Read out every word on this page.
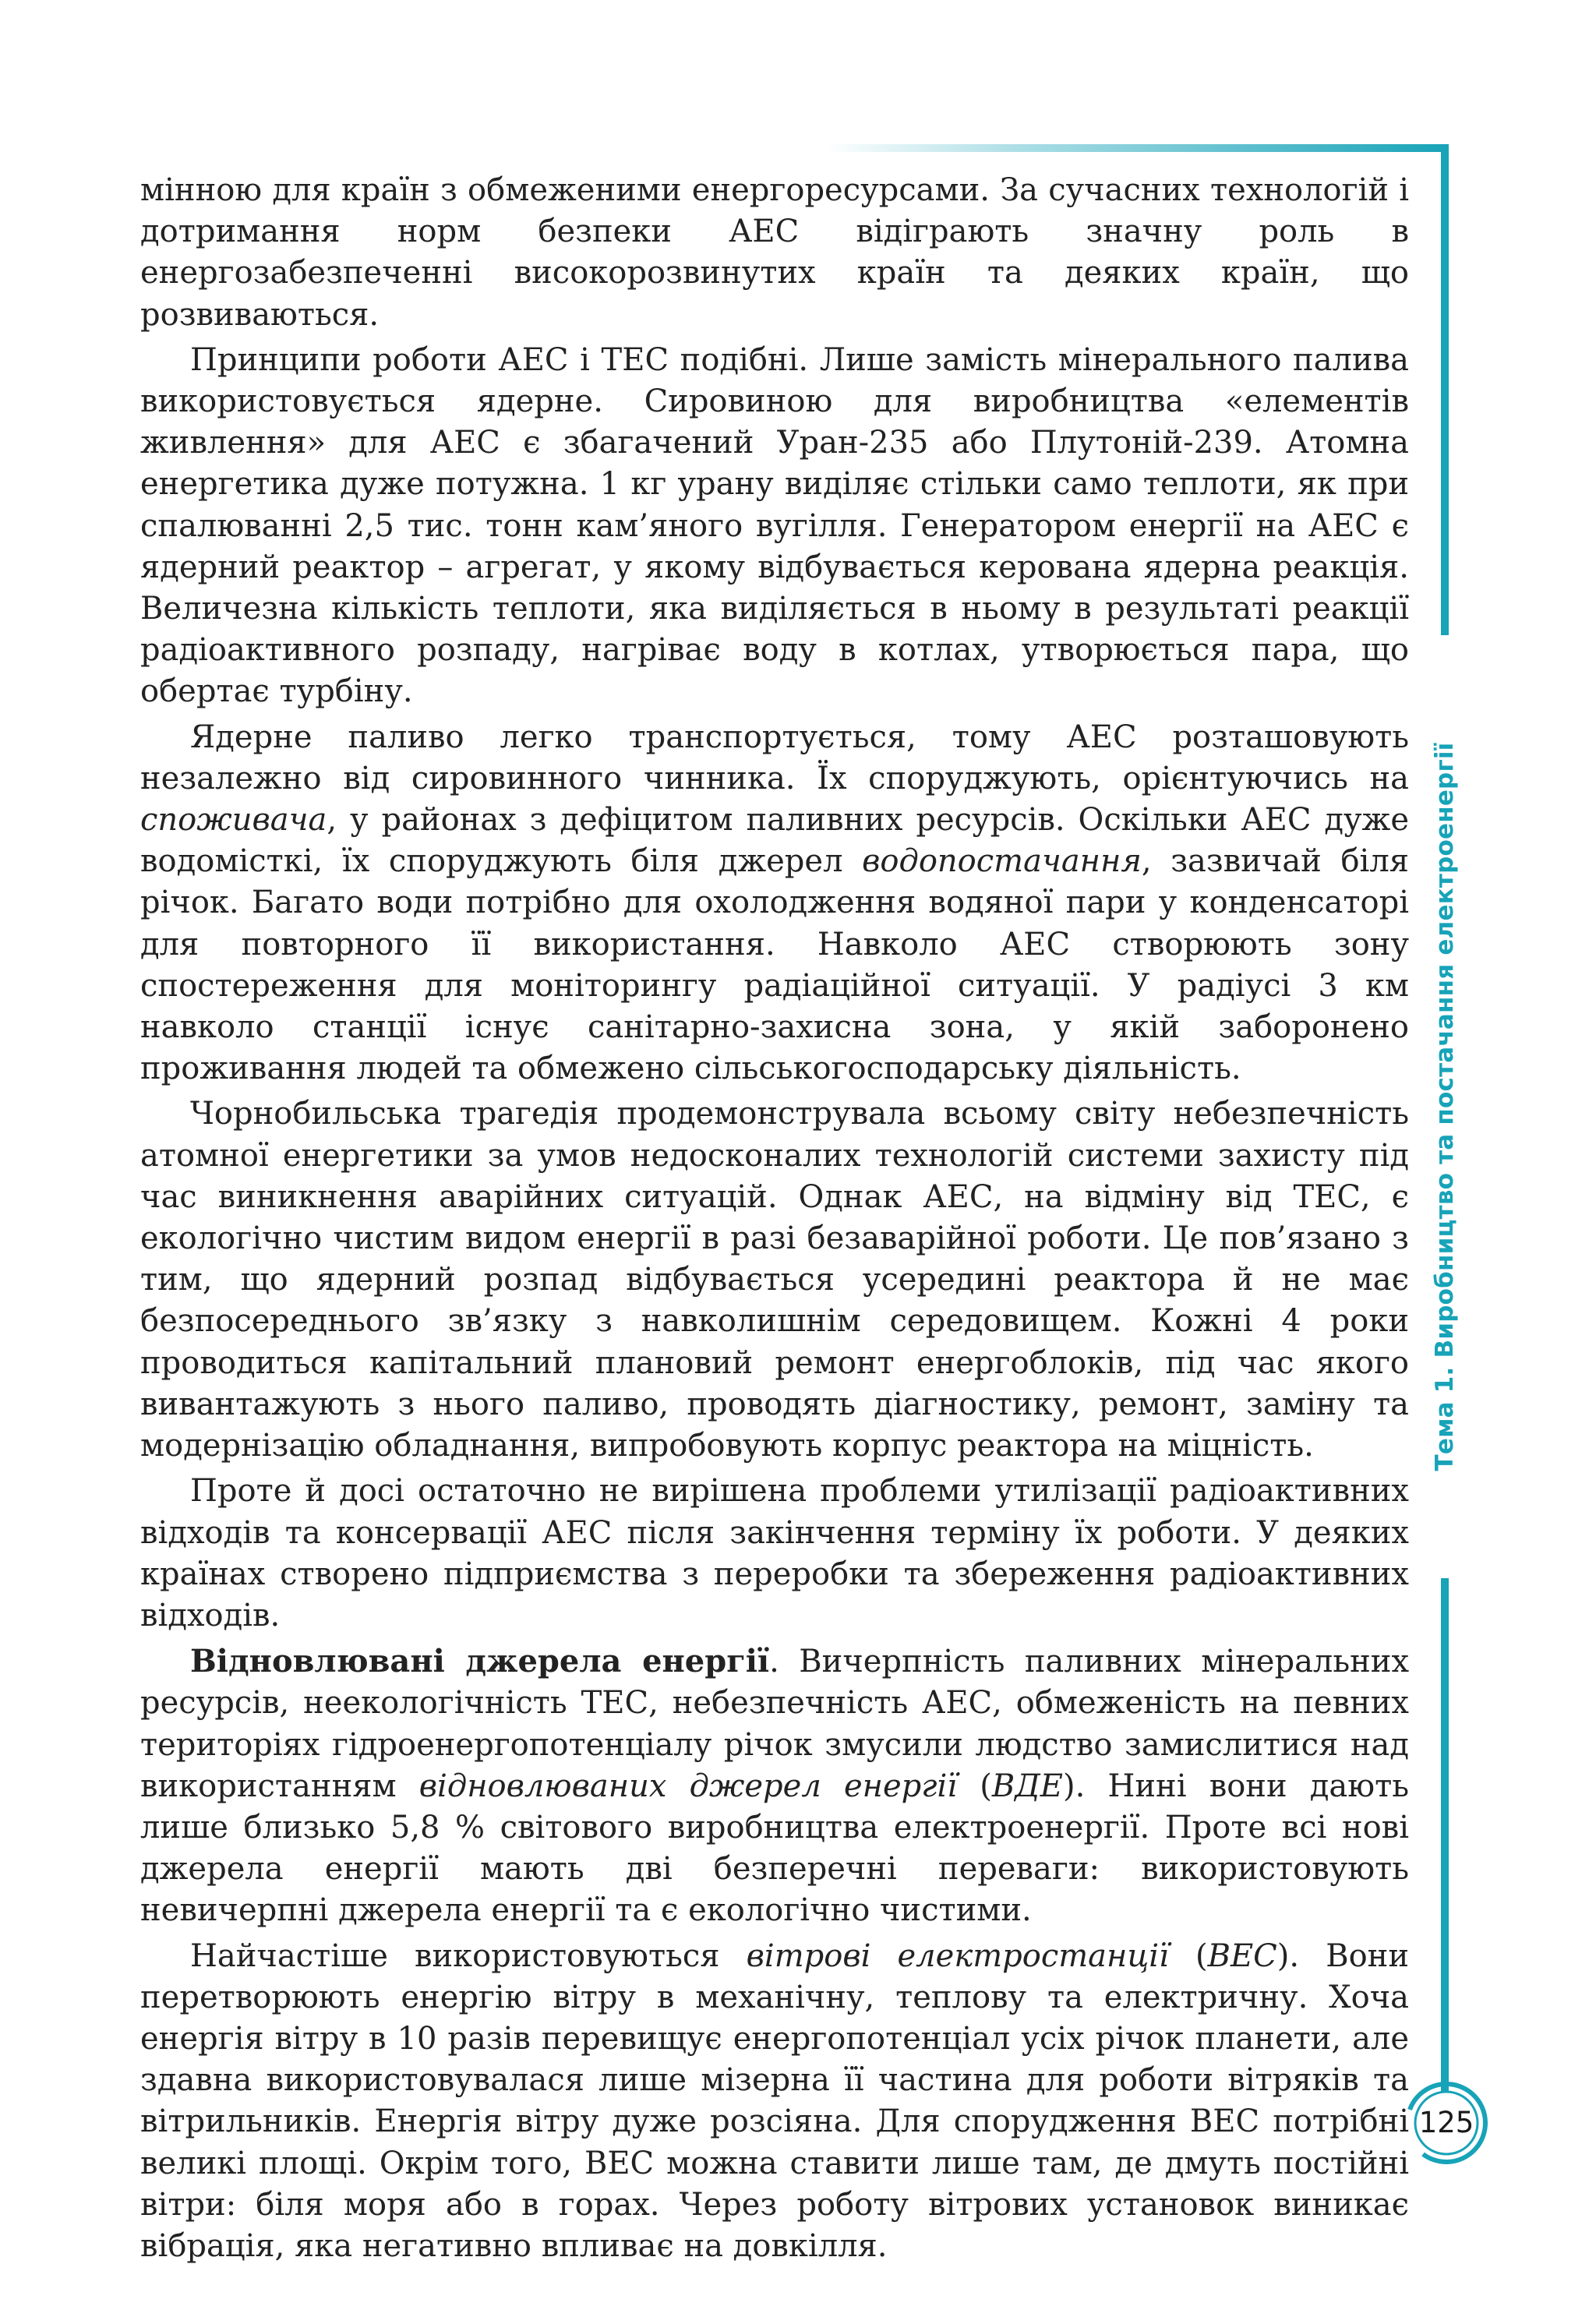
Тема 1. Виробництво та постачання електроенергії
125

мінною для країн з обмеженими енергоресурсами. За сучасних технологій і дотримання норм безпеки АЕС відіграють значну роль в енергозабезпеченні високорозвинутих країн та деяких країн, що розвиваються.

Принципи роботи АЕС і ТЕС подібні. Лише замість мінерального палива використовується ядерне. Сировиною для виробництва «елементів живлення» для АЕС є збагачений Уран-235 або Плутоній-239. Атомна енергетика дуже потужна. 1 кг урану виділяє стільки само теплоти, як при спалюванні 2,5 тис. тонн кам’яного вугілля. Генератором енергії на АЕС є ядерний реактор – агрегат, у якому відбувається керована ядерна реакція. Величезна кількість теплоти, яка виділяється в ньому в результаті реакції радіоактивного розпаду, нагріває воду в котлах, утворюється пара, що обертає турбіну.

Ядерне паливо легко транспортується, тому АЕС розташовують незалежно від сировинного чинника. Їх споруджують, орієнтуючись на споживача, у районах з дефіцитом паливних ресурсів. Оскільки АЕС дуже водомісткі, їх споруджують біля джерел водопостачання, зазвичай біля річок. Багато води потрібно для охолодження водяної пари у конденсаторі для повторного її використання. Навколо АЕС створюють зону спостереження для моніторингу радіаційної ситуації. У радіусі 3 км навколо станції існує санітарно-захисна зона, у якій заборонено проживання людей та обмежено сільськогосподарську діяльність.

Чорнобильська трагедія продемонструвала всьому світу небезпечність атомної енергетики за умов недосконалих технологій системи захисту під час виникнення аварійних ситуацій. Однак АЕС, на відміну від ТЕС, є екологічно чистим видом енергії в разі безаварійної роботи. Це пов’язано з тим, що ядерний розпад відбувається усередині реактора й не має безпосереднього зв’язку з навколишнім середовищем. Кожні 4 роки проводиться капітальний плановий ремонт енергоблоків, під час якого вивантажують з нього паливо, проводять діагностику, ремонт, заміну та модернізацію обладнання, випробовують корпус реактора на міцність.

Проте й досі остаточно не вирішена проблеми утилізації радіоактивних відходів та консервації АЕС після закінчення терміну їх роботи. У деяких країнах створено підприємства з переробки та збереження радіоактивних відходів.

Відновлювані джерела енергії. Вичерпність паливних мінеральних ресурсів, неекологічність ТЕС, небезпечність АЕС, обмеженість на певних територіях гідроенергопотенціалу річок змусили людство замислитися над використанням відновлюваних джерел енергії (ВДЕ). Нині вони дають лише близько 5,8 % світового виробництва електроенергії. Проте всі нові джерела енергії мають дві безперечні переваги: використовують невичерпні джерела енергії та є екологічно чистими.

Найчастіше використовуються вітрові електростанції (ВЕС). Вони перетворюють енергію вітру в механічну, теплову та електричну. Хоча енергія вітру в 10 разів перевищує енергопотенціал усіх річок планети, але здавна використовувалася лише мізерна її частина для роботи вітряків та вітрильників. Енергія вітру дуже розсіяна. Для спорудження ВЕС потрібні великі площі. Окрім того, ВЕС можна ставити лише там, де дмуть постійні вітри: біля моря або в горах. Через роботу вітрових установок виникає вібрація, яка негативно впливає на довкілля.
